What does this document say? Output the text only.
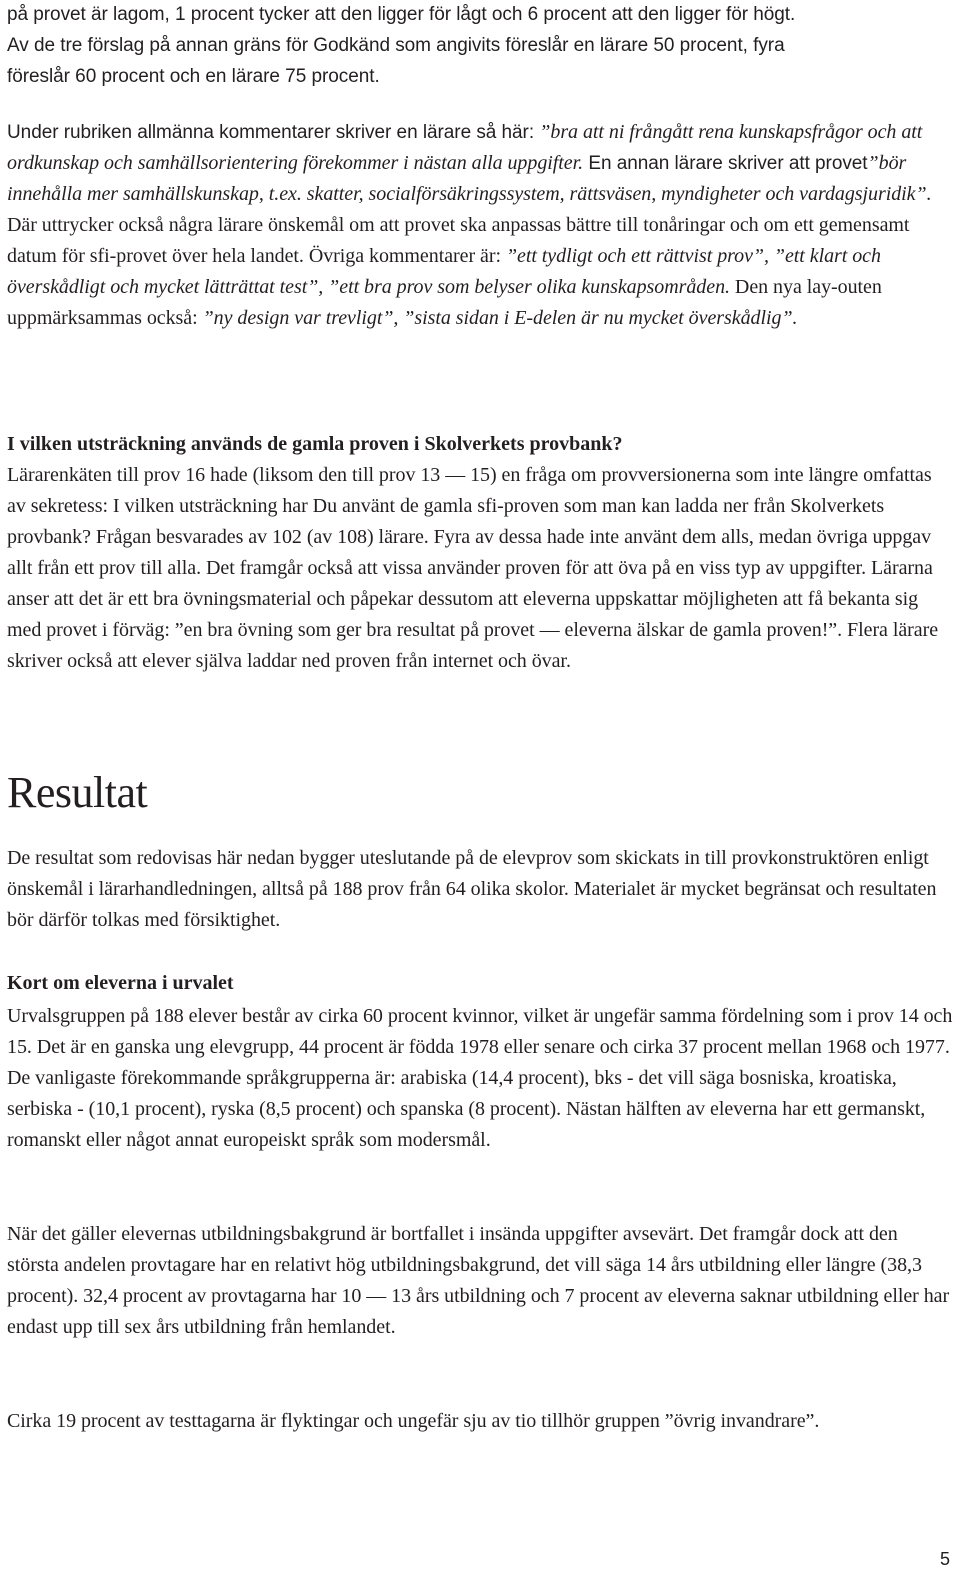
på provet är lagom, 1 procent tycker att den ligger för lågt och 6 procent att den ligger för högt.

Av de tre förslag på annan gräns för Godkänd som angivits föreslår en lärare 50 procent, fyra

föreslår 60 procent och en lärare 75 procent.

Under rubriken allmänna kommentarer skriver en lärare så här: ”bra att ni frångått rena kunskapsfrågor och att ordkunskap och samhällsorientering förekommer i nästan alla uppgifter. En annan lärare skriver att provet”bör innehålla mer samhällskunskap, t.ex. skatter, socialförsäkringssystem, rättsväsen, myndigheter och vardagsjuridik”. Där uttrycker också några lärare önskemål om att provet ska anpassas bättre till tonåringar och om ett gemensamt datum för sfi-provet över hela landet. Övriga kommentarer är: ”ett tydligt och ett rättvist prov”, ”ett klart och överskådligt och mycket lätträttat test”, ”ett bra prov som belyser olika kunskapsområden. Den nya lay-outen uppmärksammas också: ”ny design var trevligt”, ”sista sidan i E-delen är nu mycket överskådlig”.

I vilken utsträckning används de gamla proven i Skolverkets provbank?

Lärarenkäten till prov 16 hade (liksom den till prov 13 — 15) en fråga om provversionerna som inte längre omfattas av sekretess: I vilken utsträckning har Du använt de gamla sfi-proven som man kan ladda ner från Skolverkets provbank? Frågan besvarades av 102 (av 108) lärare. Fyra av dessa hade inte använt dem alls, medan övriga uppgav allt från ett prov till alla. Det framgår också att vissa använder proven för att öva på en viss typ av uppgifter. Lärarna anser att det är ett bra övningsmaterial och påpekar dessutom att eleverna uppskattar möjligheten att få bekanta sig med provet i förväg: ”en bra övning som ger bra resultat på provet — eleverna älskar de gamla proven!”. Flera lärare skriver också att elever själva laddar ned proven från internet och övar.

Resultat

De resultat som redovisas här nedan bygger uteslutande på de elevprov som skickats in till provkonstruktören enligt önskemål i lärarhandledningen, alltså på 188 prov från 64 olika skolor. Materialet är mycket begränsat och resultaten bör därför tolkas med försiktighet.

Kort om eleverna i urvalet

Urvalsgruppen på 188 elever består av cirka 60 procent kvinnor, vilket är ungefär samma fördelning som i prov 14 och 15. Det är en ganska ung elevgrupp, 44 procent är födda 1978 eller senare och cirka 37 procent mellan 1968 och 1977. De vanligaste förekommande språkgrupperna är: arabiska (14,4 procent), bks - det vill säga bosniska, kroatiska, serbiska - (10,1 procent), ryska (8,5 procent) och spanska (8 procent). Nästan hälften av eleverna har ett germanskt, romanskt eller något annat europeiskt språk som modersmål.

När det gäller elevernas utbildningsbakgrund är bortfallet i insända uppgifter avsevärt. Det framgår dock att den största andelen provtagare har en relativt hög utbildningsbakgrund, det vill säga 14 års utbildning eller längre (38,3 procent). 32,4 procent av provtagarna har 10 — 13 års utbildning och 7 procent av eleverna saknar utbildning eller har endast upp till sex års utbildning från hemlandet.

Cirka 19 procent av testtagarna är flyktingar och ungefär sju av tio tillhör gruppen ”övrig invandrare”.

5
